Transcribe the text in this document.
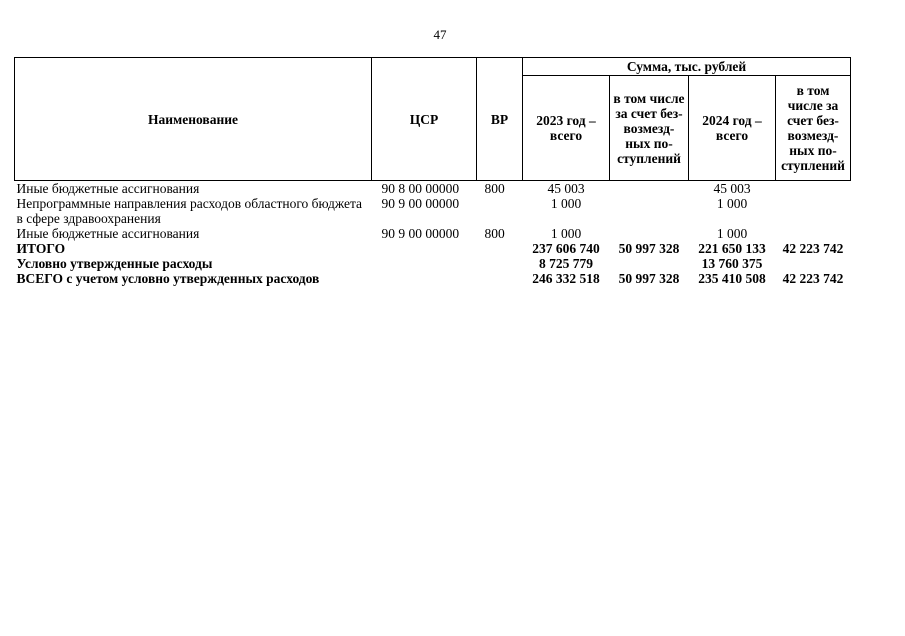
47
Наименование	ЦСР	ВР	Сумма, тыс. рублей			
			2023 год – всего	в том числе за счет без-возмезд-ных по-ступлений	2024 год – всего	в том числе за счет без-возмезд-ных по-ступлений
Иные бюджетные ассигнования	90 8 00 00000	800	45 003		45 003	
Непрограммные направления расходов областного бюджета в сфере здравоохранения	90 9 00 00000		1 000		1 000	
Иные бюджетные ассигнования	90 9 00 00000	800	1 000		1 000	
ИТОГО			237 606 740	50 997 328	221 650 133	42 223 742
Условно утвержденные расходы			8 725 779		13 760 375	
ВСЕГО с учетом условно утвержденных расходов			246 332 518	50 997 328	235 410 508	42 223 742
